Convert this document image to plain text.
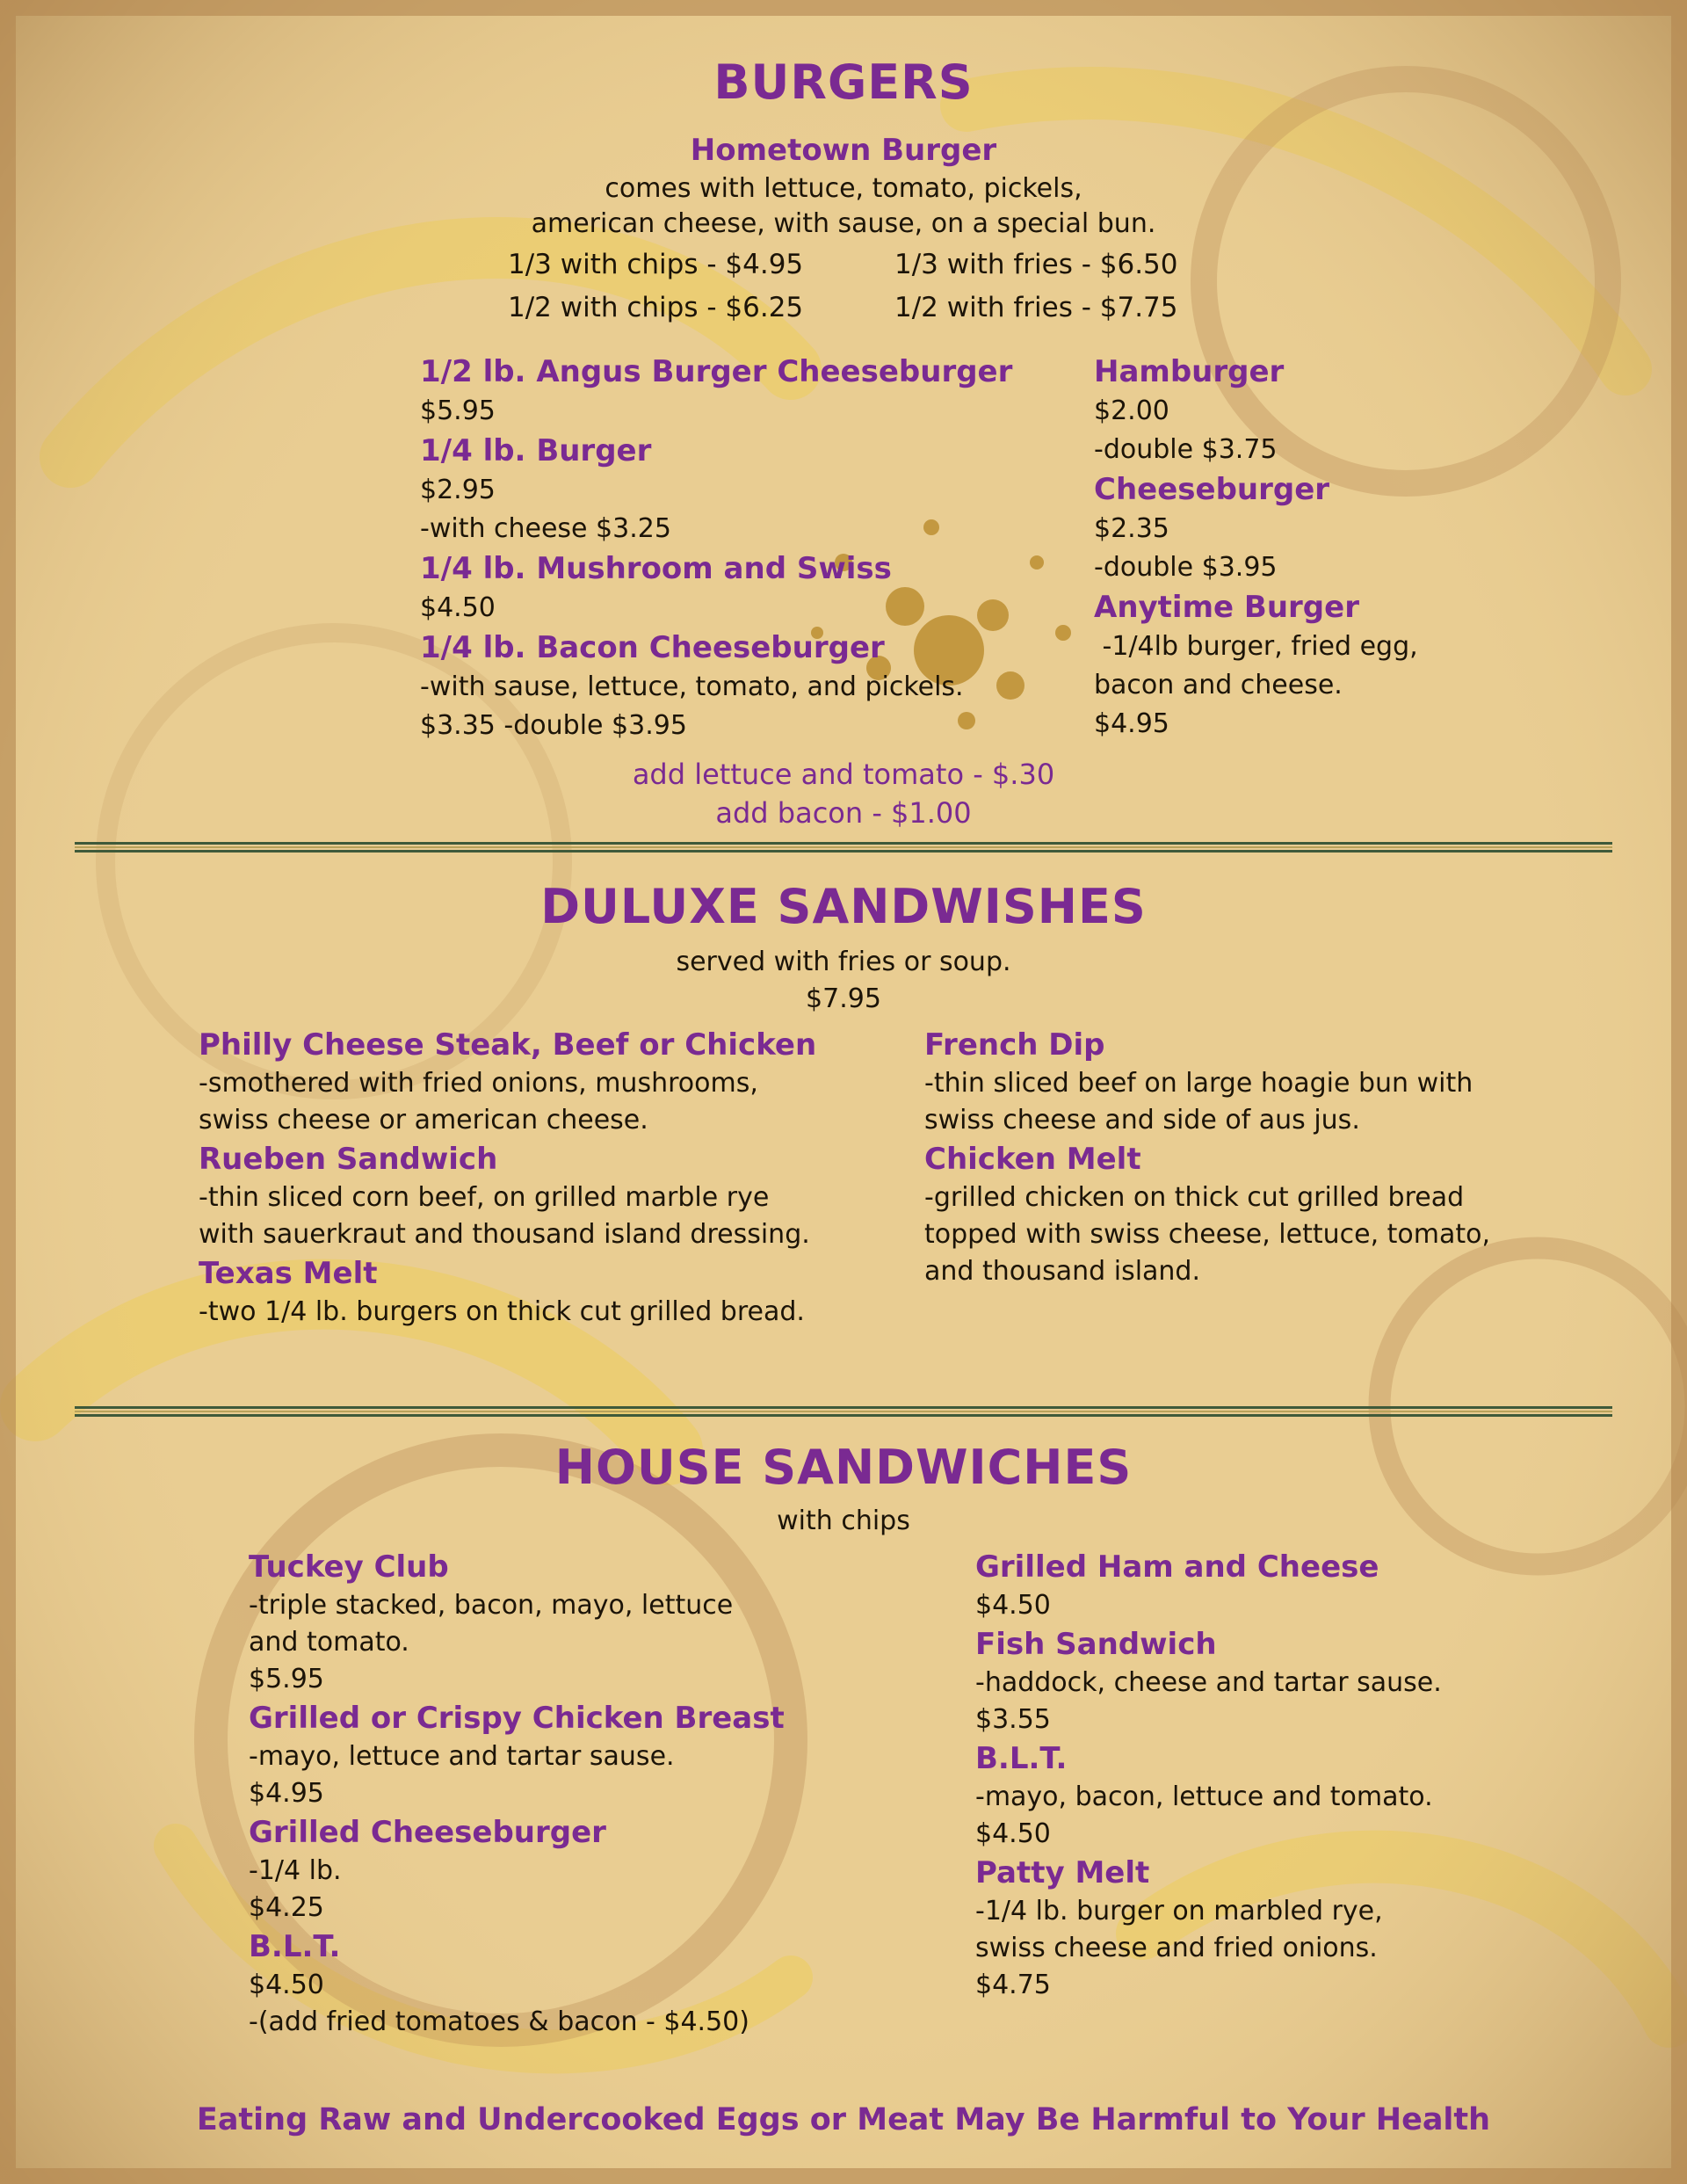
BURGERS
Hometown Burger
comes with lettuce, tomato, pickels,
american cheese, with sause, on a special bun.
1/3 with chips - $4.95	1/3 with fries - $6.50
1/2 with chips - $6.25	1/2 with fries - $7.75
1/2 lb. Angus Burger Cheeseburger
$5.95
1/4 lb. Burger
$2.95
-with cheese $3.25
1/4 lb. Mushroom and Swiss
$4.50
1/4 lb. Bacon Cheeseburger
-with sause, lettuce, tomato, and pickels.
$3.35 -double $3.95
Hamburger
$2.00
-double $3.75
Cheeseburger
$2.35
-double $3.95
Anytime Burger
-1/4lb burger, fried egg,
bacon and cheese.
$4.95
add lettuce and tomato - $.30
add bacon - $1.00
DULUXE SANDWISHES
served with fries or soup.
$7.95
Philly Cheese Steak, Beef or Chicken
-smothered with fried onions, mushrooms,
swiss cheese or american cheese.
Rueben Sandwich
-thin sliced corn beef, on grilled marble rye
with sauerkraut and thousand island dressing.
Texas Melt
-two 1/4 lb. burgers on thick cut grilled bread.
French Dip
-thin sliced beef on large hoagie bun with
swiss cheese and side of aus jus.
Chicken Melt
-grilled chicken on thick cut grilled bread
topped with swiss cheese, lettuce, tomato,
and thousand island.
HOUSE SANDWICHES
with chips
Tuckey Club
-triple stacked, bacon, mayo, lettuce
and tomato.
$5.95
Grilled or Crispy Chicken Breast
-mayo, lettuce and tartar sause.
$4.95
Grilled Cheeseburger
-1/4 lb.
$4.25
B.L.T.
$4.50
-(add fried tomatoes & bacon - $4.50)
Grilled Ham and Cheese
$4.50
Fish Sandwich
-haddock, cheese and tartar sause.
$3.55
B.L.T.
-mayo, bacon, lettuce and tomato.
$4.50
Patty Melt
-1/4 lb. burger on marbled rye,
swiss cheese and fried onions.
$4.75
Eating Raw and Undercooked Eggs or Meat May Be Harmful to Your Health
